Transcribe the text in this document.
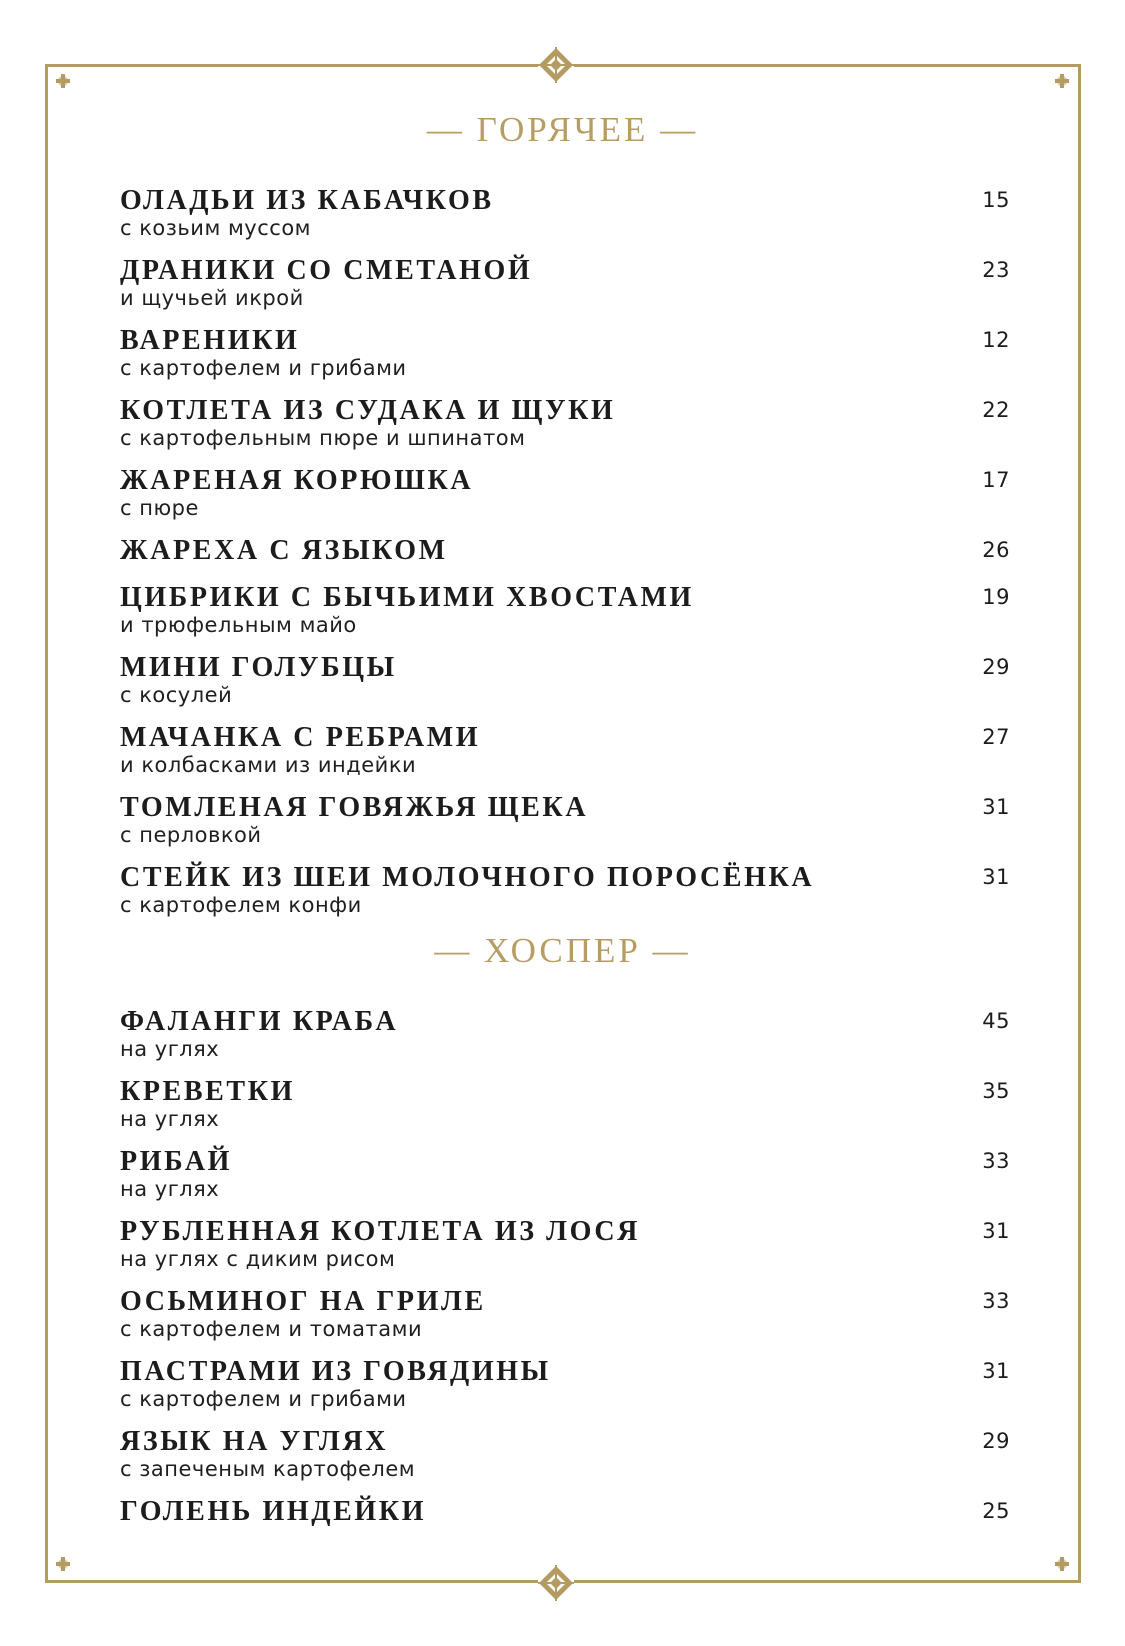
— ГОРЯЧЕЕ —
ОЛАДЬИ ИЗ КАБАЧКОВ
с козьим муссом
15
ДРАНИКИ СО СМЕТАНОЙ
и щучьей икрой
23
ВАРЕНИКИ
с картофелем и грибами
12
КОТЛЕТА ИЗ СУДАКА И ЩУКИ
с картофельным пюре и шпинатом
22
ЖАРЕНАЯ КОРЮШКА
с пюре
17
ЖАРЕХА С ЯЗЫКОМ	26
ЦИБРИКИ С БЫЧЬИМИ ХВОСТАМИ
и трюфельным майо
19
МИНИ ГОЛУБЦЫ
с косулей
29
МАЧАНКА С РЕБРАМИ
и колбасками из индейки
27
ТОМЛЕНАЯ ГОВЯЖЬЯ ЩЕКА
с перловкой
31
СТЕЙК ИЗ ШЕИ МОЛОЧНОГО ПОРОСЁНКА
с картофелем конфи
31
— ХОСПЕР —
ФАЛАНГИ КРАБА
на углях
45
КРЕВЕТКИ
на углях
35
РИБАЙ
на углях
33
РУБЛЕННАЯ КОТЛЕТА ИЗ ЛОСЯ
на углях с диким рисом
31
ОСЬМИНОГ НА ГРИЛЕ
с картофелем и томатами
33
ПАСТРАМИ ИЗ ГОВЯДИНЫ
с картофелем и грибами
31
ЯЗЫК НА УГЛЯХ
с запеченым картофелем
29
ГОЛЕНЬ ИНДЕЙКИ	25
